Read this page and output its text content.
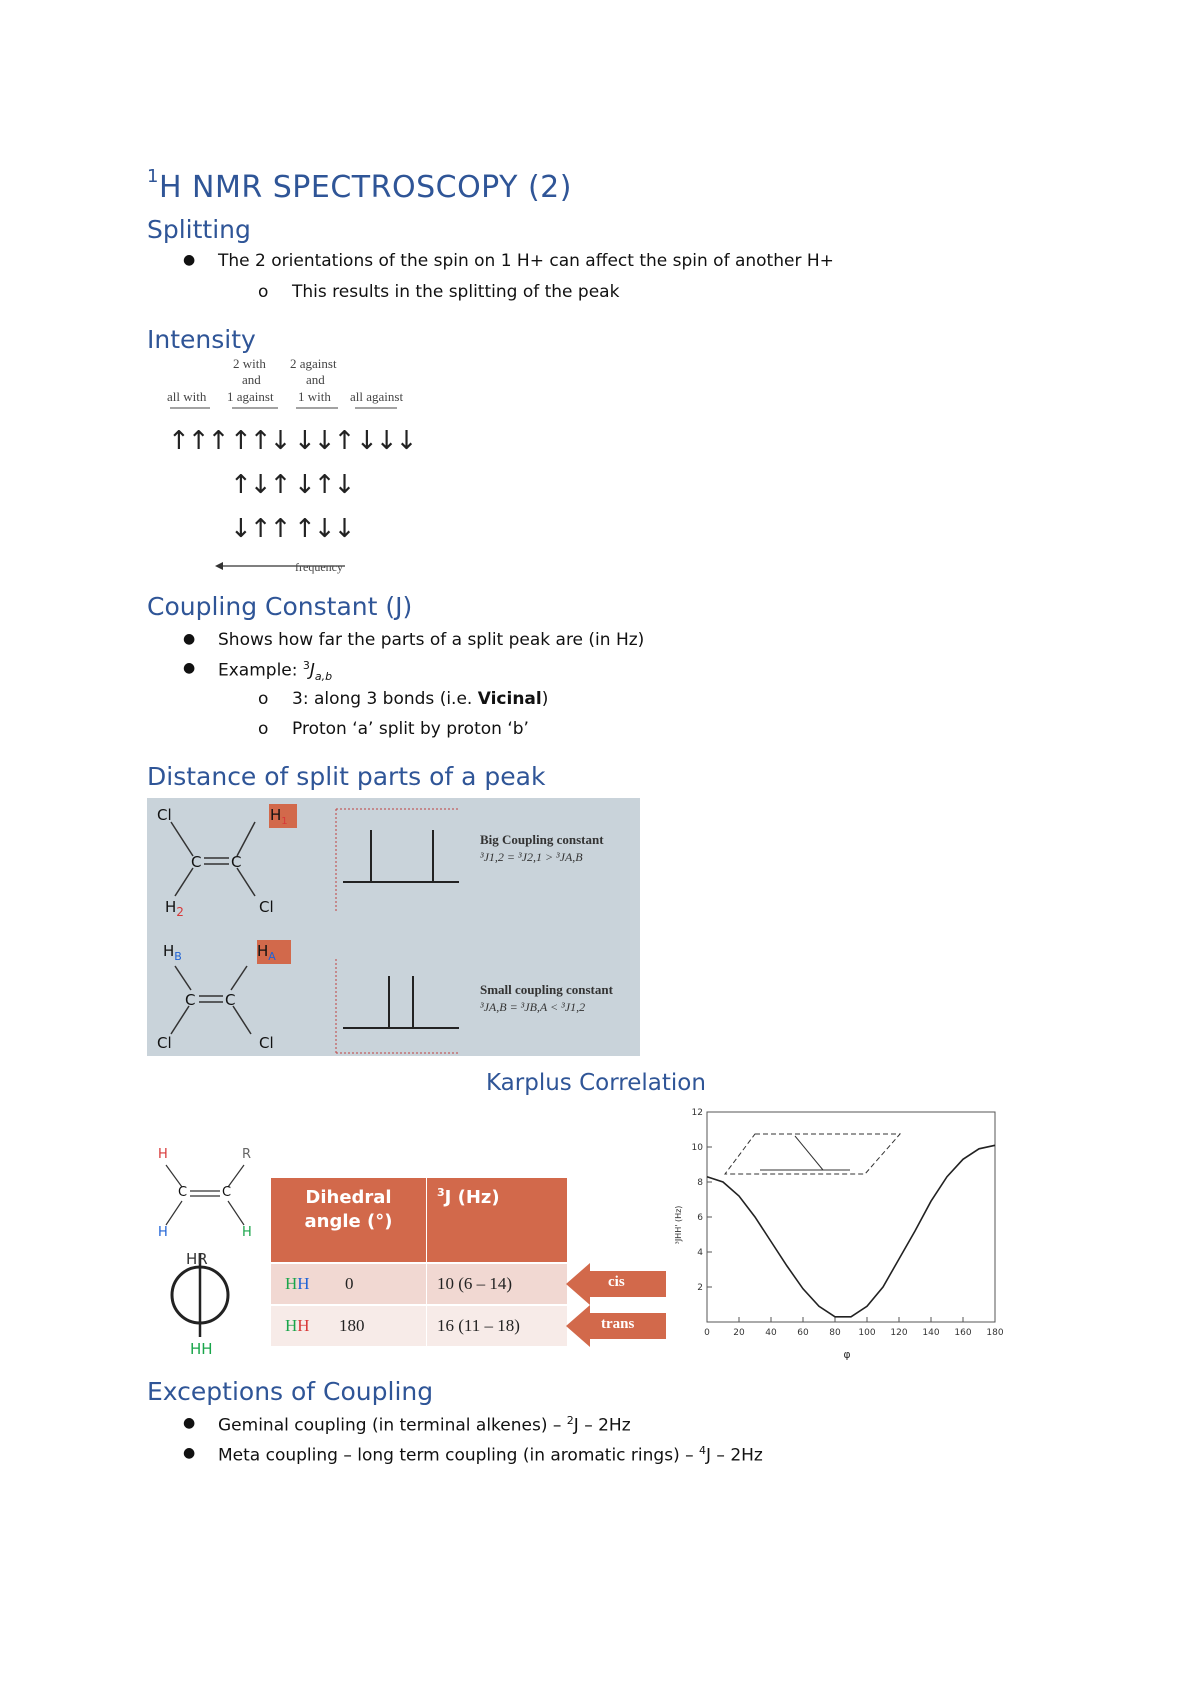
$^1$H NMR SPECTROSCOPY (2)
Splitting
● The 2 orientations of the spin on 1 H+ can affect the spin of another H+
o This results in the splitting of the peak
Intensity
2 with
and
1 against
2 against
and
1 with
all with	all against
↑↑↑ ↑↑↓ ↓↓↑ ↓↓↓
↑↓↑ ↓↑↓
↓↑↑ ↑↓↓
frequency
Coupling Constant (J)
● Shows how far the parts of a split peak are (in Hz)
● Example: $^3J_{a,b}$
o 3: along 3 bonds (i.e. Vicinal)
o Proton ‘a’ split by proton ‘b’
Distance of split parts of a peak
Cl	$H_1$
C C
$H_2$	Cl
Big Coupling constant
³J1,2 = ³J2,1 > ³JA,B
$H_B$	$H_A$
C C
Cl	Cl
Small coupling constant
³JA,B = ³JB,A < ³J1,2
Karplus Correlation
H	R
C	C
H	H
HR
HH
Dihedral angle (°)
$^3$J (Hz)
HH 0	10 (6 – 14)
HH 180	16 (11 – 18)
cis
trans
0	20 40 60 80 100 120 140 160 180
2
4
6
8
10
12
φ
³JHH' (Hz)
Exceptions of Coupling
● Geminal coupling (in terminal alkenes) – $^2$J – 2Hz
● Meta coupling – long term coupling (in aromatic rings) – $^4$J – 2Hz
